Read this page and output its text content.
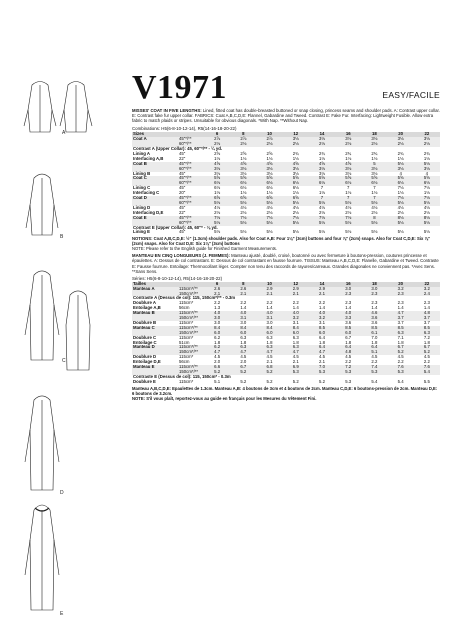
A
B
C
D
E
V1971	EASY/FACILE

MISSES' COAT IN FIVE LENGTHS: Lined, fitted coat has double-breasted buttoned or snap closing, princess seams and shoulder pads. A: Contrast upper collar. E: Contrast fake fur upper collar. FABRICS: Coat A,B,C,D,E: Flannel, Gabardine and Tweed. Contrast E: Fake Fur. Interfacing: Lightweight Fusible. Allow extra fabric to match plaids or stripes. Unsuitable for obvious diagonals. *With Nap. **Without Nap.

Combinations: H5(6-8-10-12-14), R5(14-16-18-20-22)
Sizes		6	8	10	12	14	16	18	20	22
Coat A	45"*/**	2⅞	2⅞	2⅞	3⅛	3⅛	3⅛	3⅛	3⅛	3⅛
	60"*/**	2⅛	2⅛	2⅛	2⅛	2⅛	2⅛	2⅛	2⅛	2⅛
Contrast A (Upper Collar): 45, 60"*/** - ¼ yd.										
Lining A	45"	2⅝	2⅝	2⅝	2¾	2¾	2¾	2¾	2¾	2¾
Interfacing A,B	22"	1⅛	1⅛	1⅛	1⅛	1⅛	1⅛	1⅛	1⅛	1⅛
Coat B	45"*/**	4⅝	4⅝	4⅝	4⅝	4⅝	4⅝	5	5⅛	5⅛
	60"*/**	3⅛	3⅛	3⅛	3⅛	3⅛	3⅛	3⅛	3⅛	3⅛
Lining B	45"	3⅛	3⅛	3⅛	3⅛	3⅛	3⅛	3⅛	4	4
Coat C	45"*/**	5⅝	5⅝	5⅝	5⅝	5⅝	5⅝	5⅝	5⅝	5⅝
	60"*/**	6⅛	6⅛	6⅛	6⅛	6⅛	6⅛	6⅛	6⅛	6⅛
Lining C	45"	6⅛	6⅛	6⅛	6⅛	7	7	7	7⅛	7⅛
Interfacing C	20"	1⅛	1⅛	1⅛	1⅛	1⅛	1⅛	1⅛	1⅛	1⅛
Coat D	45"*/**	6⅝	6⅝	6⅝	6⅝	7	7	7	7⅛	7⅛
	60"*/**	5⅛	5⅛	5⅛	5⅛	5⅛	5⅛	5⅛	5⅛	5⅛
Lining D	45"	4⅛	4⅛	4⅛	4⅛	4⅛	4⅛	4⅛	4⅛	4⅛
Interfacing D,E	22"	2⅛	2⅛	2⅛	2⅛	2⅛	2⅛	2⅛	2⅛	2⅛
Coat E	45"*/**	7⅛	7⅛	7⅛	7⅛	7⅛	7⅛	8	8⅛	8⅛
	60"*/**	5⅛	5⅛	5⅛	5⅛	5⅛	5⅛	5⅛	5⅛	5⅛
Contrast E (Upper Collar): 45, 60"* - ⅛ yd.										
Lining E	45"	5⅛	5⅛	5⅛	5⅛	5⅛	5⅛	5⅛	5⅛	5⅛

NOTIONS: Coat A,B,C,D,E: ½" (1.3cm) shoulder pads. Also for Coat A,B: Four 1⅛" (3cm) buttons and four ⅞" (2cm) snaps. Also for Coat C,D,E: Six ⅞" (2cm) snaps. Also for Coat D,E: Six 1⅛" (3cm) buttons

NOTE: Please refer to the English guide for Finished Garment Measurements.

MANTEAU EN CINQ LONGUEURS (J. FEMMES): Manteau ajusté, doublé, croisé, boutonné ou avec fermeture à boutons-pression, coutures princesse et épaulettes. A: Dessus de col contrastant. E: Dessus de col contrastant en fausse fourrure. TISSUS: Manteau A,B,C,D,E: Flanelle, Gabardine et Tweed. Contraste E: Fausse fourrure. Entoilage: Thermocollant léger. Compter non tenu des raccords de rayures/carreaux. Grandes diagonales ne conviennent pas. *Avec Sens. **Sans Sens.

Séries: H5(6-8-10-12-14), R5(14-16-18-20-22)
Tailles		6	8	10	12	14	16	18	20	22
Manteau A	115cm*/**	2.6	2.6	2.9	2.9	2.9	3.0	3.0	3.2	3.2
	150cm*/**	2.1	2.1	2.1	2.1	2.1	2.3	2.3	2.3	2.4
Contraste A (Dessus de col): 115, 150cm*/** - 0.3m										
Doublure A	115cm*	2.2	2.2	2.2	2.2	2.2	2.3	2.3	2.3	2.3
Entoilage A,B	56cm	1.3	1.4	1.4	1.4	1.4	1.4	1.4	1.4	1.4
Manteau B	115cm*/**	4.0	4.0	4.0	4.0	4.0	4.0	4.6	4.7	4.8
	150cm*/**	3.0	3.1	3.1	3.2	3.2	3.3	3.6	3.7	3.7
Doublure B	115cm*	3.0	3.0	3.0	3.1	3.1	3.6	3.6	3.7	3.7
Manteau C	115cm*/**	8.4	8.4	8.4	8.4	8.5	8.5	8.5	8.5	8.5
	150cm*/**	6.0	6.0	6.0	6.0	6.0	6.0	6.1	6.3	6.3
Doublure C	115cm*	6.2	6.3	6.3	6.3	6.4	6.7	7.0	7.1	7.2
Entoilage C	51cm	1.8	1.8	1.8	1.8	1.8	1.8	1.8	1.8	1.8
Manteau D	115cm*/**	6.2	6.3	6.3	6.3	6.4	6.4	6.4	6.7	6.7
	150cm*/**	4.7	4.7	4.7	4.7	4.7	4.8	5.1	5.2	5.2
Doublure D	115cm*	4.5	4.5	4.5	4.5	4.5	4.5	4.5	4.5	4.5
Entoilage D,E	56cm	2.0	2.0	2.1	2.1	2.1	2.2	2.2	2.2	2.2
Manteau E	115cm*/**	6.6	6.7	6.8	6.9	7.0	7.2	7.4	7.6	7.6
	150cm*/**	5.2	5.2	5.2	5.3	5.3	5.3	5.3	5.3	5.4
Contraste E (Dessus de col): 115, 150cm* - 0.3m										
Doublure E	115cm*	5.1	5.2	5.2	5.2	5.2	5.3	5.4	5.4	5.5

Manteau A,B,C,D,E: Epaulettes de 1.3cm. Manteau A,B: 4 boutons de 3cm et 4 boutons de 2cm. Manteau C,D,E: 6 boutons-pression de 2cm. Manteau D,E: 6 boutons de 3.2cm.

NOTE: S'il vous plaît, reportez-vous au guide en français pour les Mesures du Vêtement Fini.
